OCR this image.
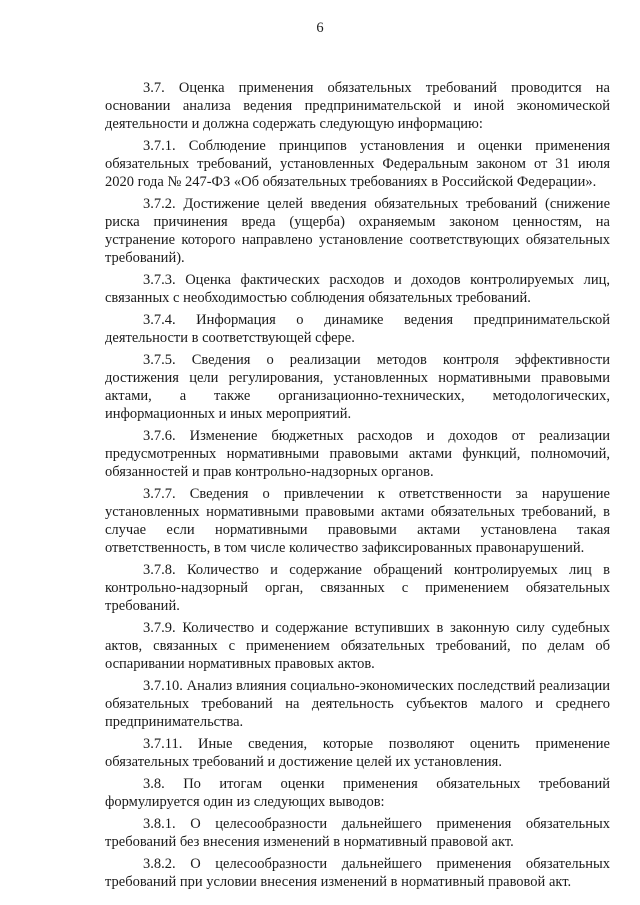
6

3.7. Оценка применения обязательных требований проводится на основании анализа ведения предпринимательской и иной экономической деятельности и должна содержать следующую информацию:

3.7.1. Соблюдение принципов установления и оценки применения обязательных требований, установленных Федеральным законом от 31 июля 2020 года № 247-ФЗ «Об обязательных требованиях в Российской Федерации».

3.7.2. Достижение целей введения обязательных требований (снижение риска причинения вреда (ущерба) охраняемым законом ценностям, на устранение которого направлено установление соответствующих обязательных требований).

3.7.3. Оценка фактических расходов и доходов контролируемых лиц, связанных с необходимостью соблюдения обязательных требований.

3.7.4. Информация о динамике ведения предпринимательской деятельности в соответствующей сфере.

3.7.5. Сведения о реализации методов контроля эффективности достижения цели регулирования, установленных нормативными правовыми актами, а также организационно-технических, методологических, информационных и иных мероприятий.

3.7.6. Изменение бюджетных расходов и доходов от реализации предусмотренных нормативными правовыми актами функций, полномочий, обязанностей и прав контрольно-надзорных органов.

3.7.7. Сведения о привлечении к ответственности за нарушение установленных нормативными правовыми актами обязательных требований, в случае если нормативными правовыми актами установлена такая ответственность, в том числе количество зафиксированных правонарушений.

3.7.8. Количество и содержание обращений контролируемых лиц в контрольно-надзорный орган, связанных с применением обязательных требований.

3.7.9. Количество и содержание вступивших в законную силу судебных актов, связанных с применением обязательных требований, по делам об оспаривании нормативных правовых актов.

3.7.10. Анализ влияния социально-экономических последствий реализации обязательных требований на деятельность субъектов малого и среднего предпринимательства.

3.7.11. Иные сведения, которые позволяют оценить применение обязательных требований и достижение целей их установления.

3.8. По итогам оценки применения обязательных требований формулируется один из следующих выводов:

3.8.1. О целесообразности дальнейшего применения обязательных требований без внесения изменений в нормативный правовой акт.

3.8.2. О целесообразности дальнейшего применения обязательных требований при условии внесения изменений в нормативный правовой акт.
